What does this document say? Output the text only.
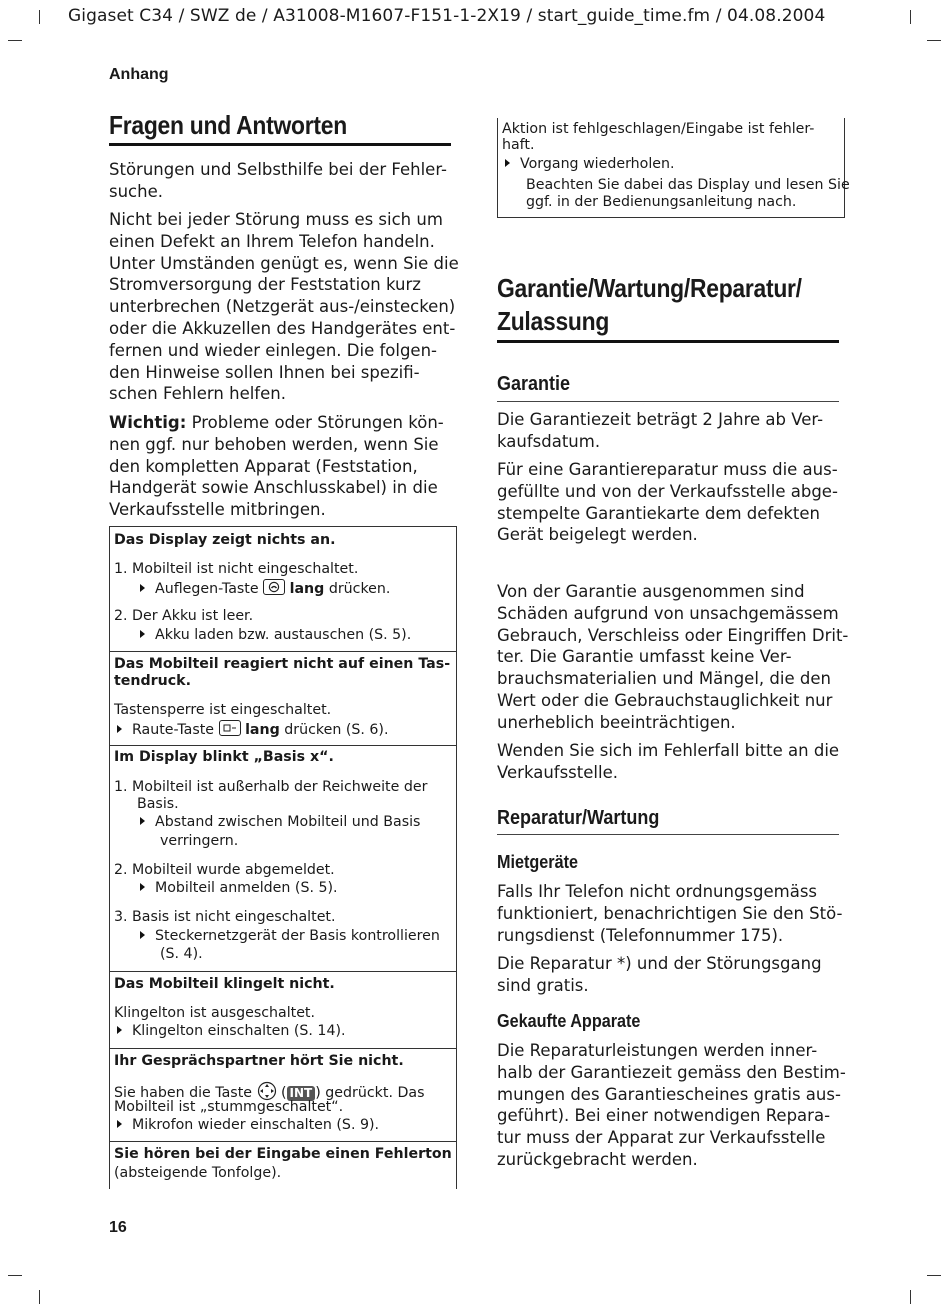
Gigaset C34 / SWZ de / A31008-M1607-F151-1-2X19 / start_guide_time.fm / 04.08.2004
Anhang
16
Fragen und Antworten
Störungen und Selbsthilfe bei der Fehler-
suche.
Nicht bei jeder Störung muss es sich um
einen Defekt an Ihrem Telefon handeln.
Unter Umständen genügt es, wenn Sie die
Stromversorgung der Feststation kurz
unterbrechen (Netzgerät aus-/einstecken)
oder die Akkuzellen des Handgerätes ent-
fernen und wieder einlegen. Die folgen-
den Hinweise sollen Ihnen bei spezifi-
schen Fehlern helfen.
Wichtig: Probleme oder Störungen kön-
nen ggf. nur behoben werden, wenn Sie
den kompletten Apparat (Feststation,
Handgerät sowie Anschlusskabel) in die
Verkaufsstelle mitbringen.
Das Display zeigt nichts an.
1. Mobilteil ist nicht eingeschaltet.
Auflegen-Taste
lang drücken.
2. Der Akku ist leer.
Akku laden bzw. austauschen (S. 5).
Das Mobilteil reagiert nicht auf einen Tas-
tendruck.
Tastensperre ist eingeschaltet.
Raute-Taste
lang drücken (S. 6).
Im Display blinkt „Basis x“.
1. Mobilteil ist außerhalb der Reichweite der
Basis.
Abstand zwischen Mobilteil und Basis
verringern.
2. Mobilteil wurde abgemeldet.
Mobilteil anmelden (S. 5).
3. Basis ist nicht eingeschaltet.
Steckernetzgerät der Basis kontrollieren
(S. 4).
Das Mobilteil klingelt nicht.
Klingelton ist ausgeschaltet.
Klingelton einschalten (S. 14).
Ihr Gesprächspartner hört Sie nicht.
Sie haben die Taste  ( INT ) gedrückt. Das
Mobilteil ist „stummgeschaltet“.
Mikrofon wieder einschalten (S. 9).
Sie hören bei der Eingabe einen Fehlerton
(absteigende Tonfolge).
Aktion ist fehlgeschlagen/Eingabe ist fehler-
haft.
Vorgang wiederholen.
Beachten Sie dabei das Display und lesen Sie
ggf. in der Bedienungsanleitung nach.
Garantie/Wartung/Reparatur/
Zulassung
Garantie
Die Garantiezeit beträgt 2 Jahre ab Ver-
kaufsdatum.
Für eine Garantiereparatur muss die aus-
gefüllte und von der Verkaufsstelle abge-
stempelte Garantiekarte dem defekten
Gerät beigelegt werden.
Von der Garantie ausgenommen sind
Schäden aufgrund von unsachgemässem
Gebrauch, Verschleiss oder Eingriffen Drit-
ter. Die Garantie umfasst keine Ver-
brauchsmaterialien und Mängel, die den
Wert oder die Gebrauchstauglichkeit nur
unerheblich beeinträchtigen.
Wenden Sie sich im Fehlerfall bitte an die
Verkaufsstelle.
Reparatur/Wartung
Mietgeräte
Falls Ihr Telefon nicht ordnungsgemäss
funktioniert, benachrichtigen Sie den Stö-
rungsdienst (Telefonnummer 175).
Die Reparatur *) und der Störungsgang
sind gratis.
Gekaufte Apparate
Die Reparaturleistungen werden inner-
halb der Garantiezeit gemäss den Bestim-
mungen des Garantiescheines gratis aus-
geführt). Bei einer notwendigen Repara-
tur muss der Apparat zur Verkaufsstelle
zurückgebracht werden.
